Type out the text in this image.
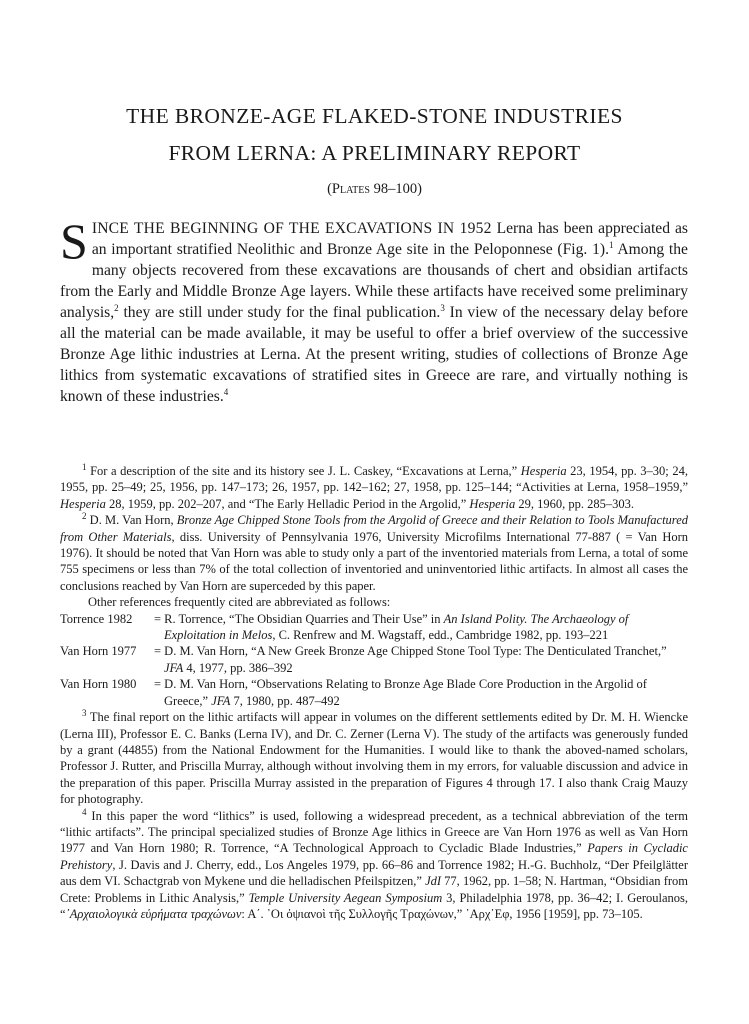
THE BRONZE-AGE FLAKED-STONE INDUSTRIES
FROM LERNA: A PRELIMINARY REPORT
(Plates 98–100)

SINCE THE BEGINNING OF THE EXCAVATIONS IN 1952 Lerna has been appreciated as an important stratified Neolithic and Bronze Age site in the Peloponnese (Fig. 1).$^1$ Among the many objects recovered from these excavations are thousands of chert and obsidian artifacts from the Early and Middle Bronze Age layers. While these artifacts have received some preliminary analysis,$^2$ they are still under study for the final publication.$^3$ In view of the necessary delay before all the material can be made available, it may be useful to offer a brief overview of the successive Bronze Age lithic industries at Lerna. At the present writing, studies of collections of Bronze Age lithics from systematic excavations of stratified sites in Greece are rare, and virtually nothing is known of these industries.$^4$

$^1$ For a description of the site and its history see J. L. Caskey, “Excavations at Lerna,” Hesperia 23, 1954, pp. 3–30; 24, 1955, pp. 25–49; 25, 1956, pp. 147–173; 26, 1957, pp. 142–162; 27, 1958, pp. 125–144; “Activities at Lerna, 1958–1959,” Hesperia 28, 1959, pp. 202–207, and “The Early Helladic Period in the Argolid,” Hesperia 29, 1960, pp. 285–303.

$^2$ D. M. Van Horn, Bronze Age Chipped Stone Tools from the Argolid of Greece and their Relation to Tools Manufactured from Other Materials, diss. University of Pennsylvania 1976, University Microfilms International 77-887 ( = Van Horn 1976). It should be noted that Van Horn was able to study only a part of the inventoried materials from Lerna, a total of some 755 specimens or less than 7% of the total collection of inventoried and uninventoried lithic artifacts. In almost all cases the conclusions reached by Van Horn are superceded by this paper.

Other references frequently cited are abbreviated as follows:

Torrence 1982	= R. Torrence, “The Obsidian Quarries and Their Use” in An Island Polity. The Archaeology of Exploitation in Melos, C. Renfrew and M. Wagstaff, edd., Cambridge 1982, pp. 193–221
Van Horn 1977	= D. M. Van Horn, “A New Greek Bronze Age Chipped Stone Tool Type: The Denticulated Tranchet,” JFA 4, 1977, pp. 386–392
Van Horn 1980	= D. M. Van Horn, “Observations Relating to Bronze Age Blade Core Production in the Argolid of Greece,” JFA 7, 1980, pp. 487–492

$^3$ The final report on the lithic artifacts will appear in volumes on the different settlements edited by Dr. M. H. Wiencke (Lerna III), Professor E. C. Banks (Lerna IV), and Dr. C. Zerner (Lerna V). The study of the artifacts was generously funded by a grant (44855) from the National Endowment for the Humanities. I would like to thank the aboved-named scholars, Professor J. Rutter, and Priscilla Murray, although without involving them in my errors, for valuable discussion and advice in the preparation of this paper. Priscilla Murray assisted in the preparation of Figures 4 through 17. I also thank Craig Mauzy for photography.

$^4$ In this paper the word “lithics” is used, following a widespread precedent, as a technical abbreviation of the term “lithic artifacts”. The principal specialized studies of Bronze Age lithics in Greece are Van Horn 1976 as well as Van Horn 1977 and Van Horn 1980; R. Torrence, “A Technological Approach to Cycladic Blade Industries,” Papers in Cycladic Prehistory, J. Davis and J. Cherry, edd., Los Angeles 1979, pp. 66–86 and Torrence 1982; H.-G. Buchholz, “Der Pfeilglätter aus dem VI. Schactgrab von Mykene und die helladischen Pfeilspitzen,” JdI 77, 1962, pp. 1–58; N. Hartman, “Obsidian from Crete: Problems in Lithic Analysis,” Temple University Aegean Symposium 3, Philadelphia 1978, pp. 36–42; I. Geroulanos, “᾿Αρχαιολογικὰ εὑρήματα τραχώνων: Α΄. ᾿Οι ὀψιανοὶ τῆς Συλλογῆς Τραχώνων,” ᾿Αρχ᾿Εφ, 1956 [1959], pp. 73–105.
